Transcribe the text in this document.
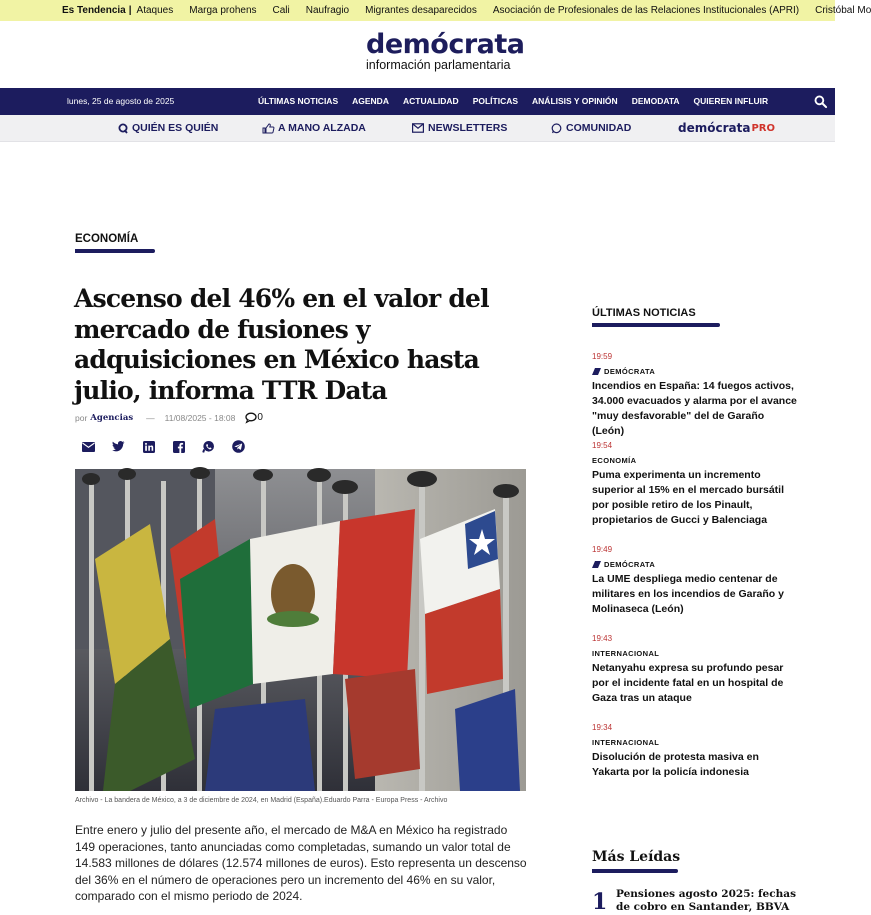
Es Tendencia | Ataques Marga prohens Cali Naufragio Migrantes desaparecidos Asociación de Profesionales de las Relaciones Institucionales (APRI) Cristóbal Mo
demócrata
información parlamentaria
lunes, 25 de agosto de 2025	ÚLTIMAS NOTICIAS AGENDA ACTUALIDAD POLÍTICAS ANÁLISIS Y OPINIÓN DEMODATA QUIEREN INFLUIR
QUIÉN ES QUIÉN	A MANO ALZADA	NEWSLETTERS	COMUNIDAD	demócrata PRO
ECONOMÍA
Ascenso del 46% en el valor del mercado de fusiones y adquisiciones en México hasta julio, informa TTR Data
por Agencias — 11/08/2025 - 18:08 0
Archivo - La bandera de México, a 3 de diciembre de 2024, en Madrid (España).Eduardo Parra - Europa Press - Archivo

Entre enero y julio del presente año, el mercado de M&A en México ha registrado 149 operaciones, tanto anunciadas como completadas, sumando un valor total de 14.583 millones de dólares (12.574 millones de euros). Esto representa un descenso del 36% en el número de operaciones pero un incremento del 46% en su valor, comparado con el mismo periodo de 2024.

ÚLTIMAS NOTICIAS
19:59
DEMÓCRATA
Incendios en España: 14 fuegos activos, 34.000 evacuados y alarma por el avance "muy desfavorable" del de Garaño (León)
19:54
ECONOMÍA
Puma experimenta un incremento superior al 15% en el mercado bursátil por posible retiro de los Pinault, propietarios de Gucci y Balenciaga
19:49
DEMÓCRATA
La UME despliega medio centenar de militares en los incendios de Garaño y Molinaseca (León)
19:43
INTERNACIONAL
Netanyahu expresa su profundo pesar por el incidente fatal en un hospital de Gaza tras un ataque
19:34
INTERNACIONAL
Disolución de protesta masiva en Yakarta por la policía indonesia
Más Leídas
1 Pensiones agosto 2025: fechas de cobro en Santander, BBVA
